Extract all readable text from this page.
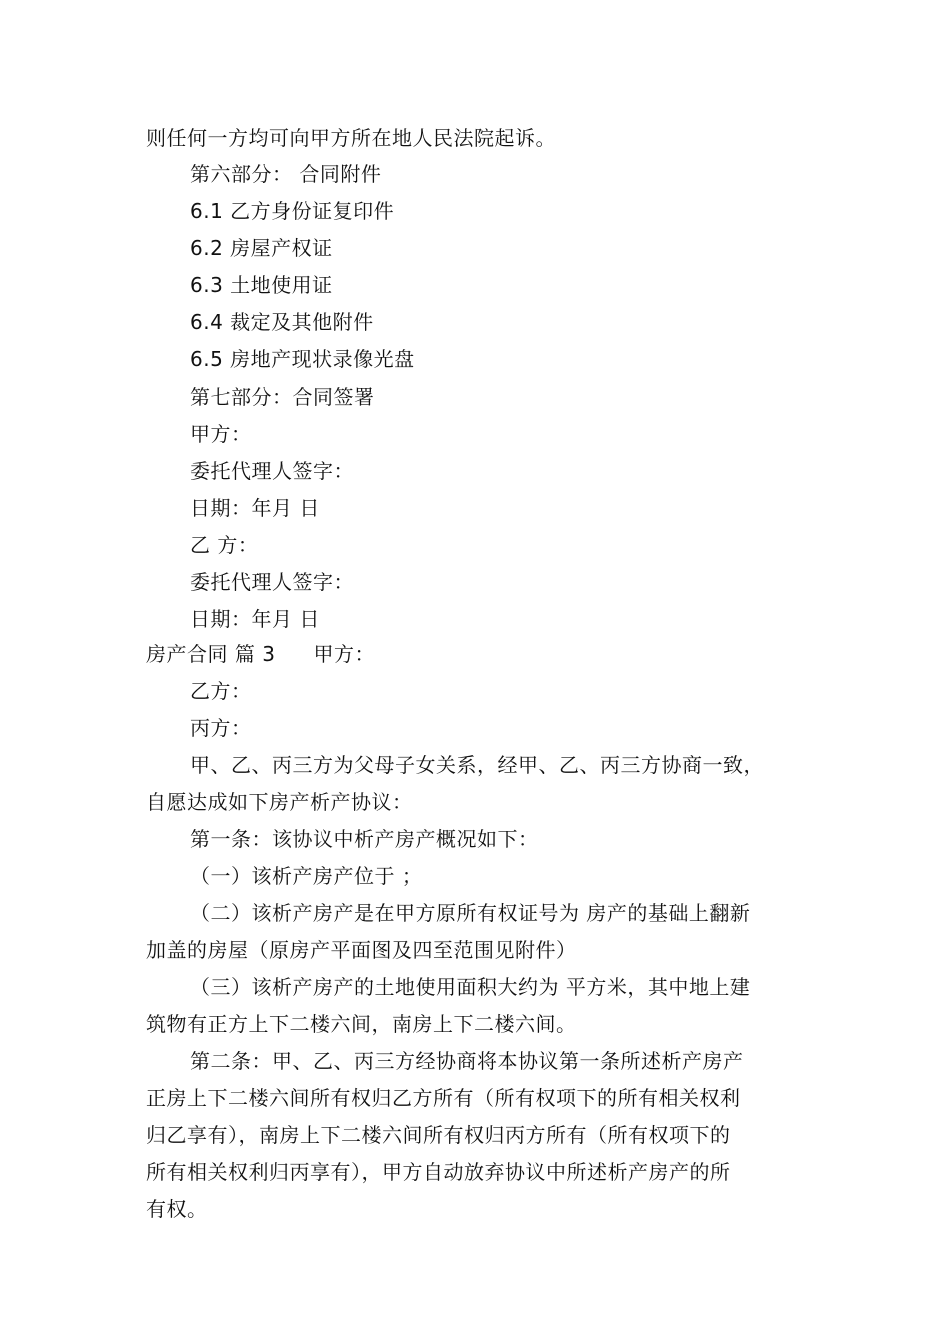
则任何一方均可向甲方所在地人民法院起诉。
第六部分： 合同附件
6.1 乙方身份证复印件
6.2 房屋产权证
6.3 土地使用证
6.4 裁定及其他附件
6.5 房地产现状录像光盘
第七部分：合同签署
甲方：
委托代理人签字：
日期：年月 日
乙 方：
委托代理人签字：
日期：年月 日
房产合同 篇 3 甲方：
乙方：
丙方：
甲、乙、丙三方为父母子女关系，经甲、乙、丙三方协商一致，
自愿达成如下房产析产协议：
第一条：该协议中析产房产概况如下：
（一）该析产房产位于 ；
（二）该析产房产是在甲方原所有权证号为 房产的基础上翻新
加盖的房屋（原房产平面图及四至范围见附件）
（三）该析产房产的土地使用面积大约为 平方米，其中地上建
筑物有正方上下二楼六间，南房上下二楼六间。
第二条：甲、乙、丙三方经协商将本协议第一条所述析产房产
正房上下二楼六间所有权归乙方所有（所有权项下的所有相关权利
归乙享有），南房上下二楼六间所有权归丙方所有（所有权项下的
所有相关权利归丙享有），甲方自动放弃协议中所述析产房产的所
有权。
